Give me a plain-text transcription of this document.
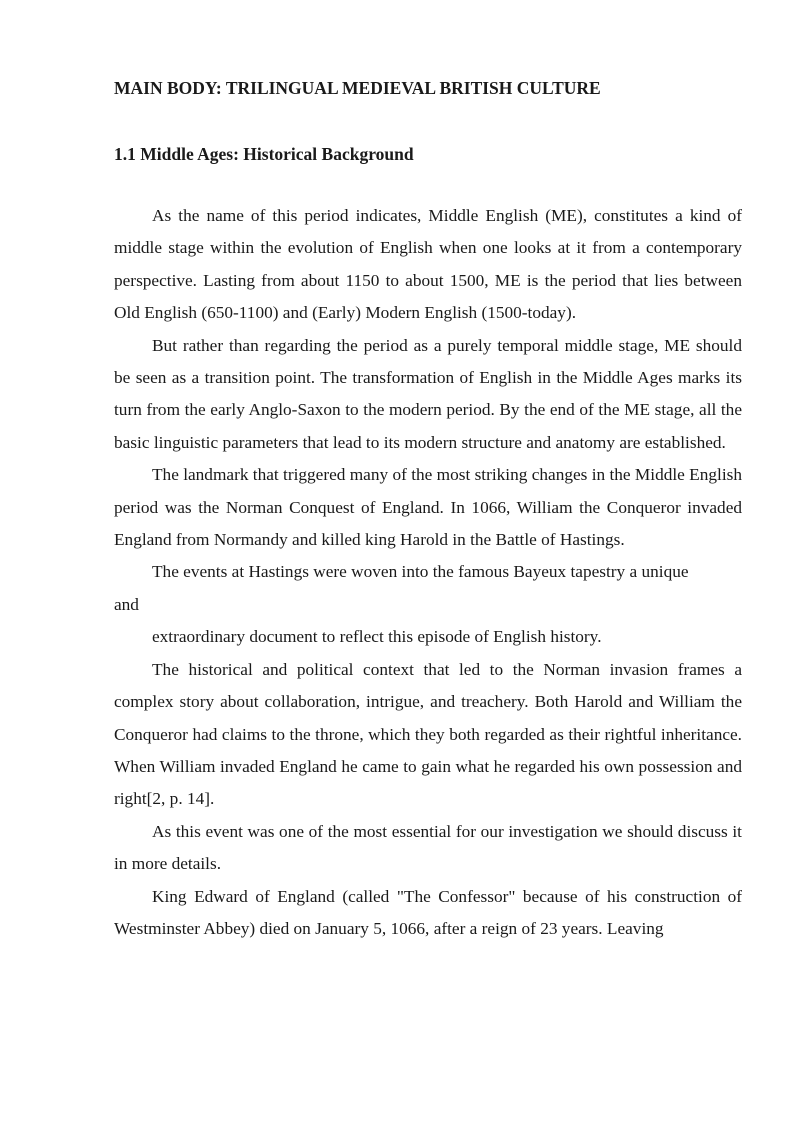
MAIN BODY: TRILINGUAL MEDIEVAL BRITISH CULTURE
1.1 Middle Ages: Historical Background

As the name of this period indicates, Middle English (ME), constitutes a kind of middle stage within the evolution of English when one looks at it from a contemporary perspective. Lasting from about 1150 to about 1500, ME is the period that lies between Old English (650-1100) and (Early) Modern English (1500-today).

But rather than regarding the period as a purely temporal middle stage, ME should be seen as a transition point. The transformation of English in the Middle Ages marks its turn from the early Anglo-Saxon to the modern period. By the end of the ME stage, all the basic linguistic parameters that lead to its modern structure and anatomy are established.

The landmark that triggered many of the most striking changes in the Middle English period was the Norman Conquest of England. In 1066, William the Conqueror invaded England from Normandy and killed king Harold in the Battle of Hastings.

The events at Hastings were woven into the famous Bayeux tapestry a unique

and

extraordinary document to reflect this episode of English history.

The historical and political context that led to the Norman invasion frames a complex story about collaboration, intrigue, and treachery. Both Harold and William the Conqueror had claims to the throne, which they both regarded as their rightful inheritance. When William invaded England he came to gain what he regarded his own possession and right[2, p. 14].

As this event was one of the most essential for our investigation we should discuss it in more details.

King Edward of England (called "The Confessor" because of his construction of Westminster Abbey) died on January 5, 1066, after a reign of 23 years. Leaving
